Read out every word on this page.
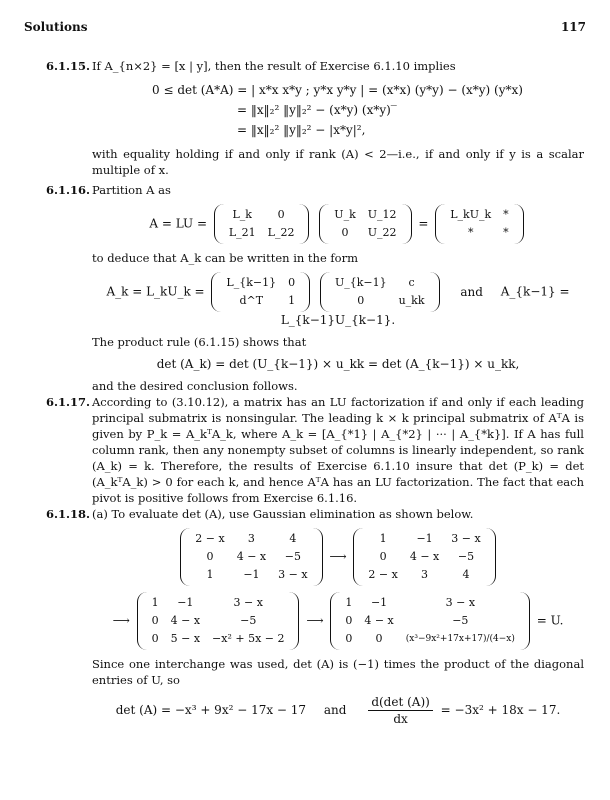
Solutions	117
6.1.15. If A_{n×2} = [x | y], then the result of Exercise 6.1.10 implies

0 ≤ det (A*A) = | x*x x*y ; y*x y*y | = (x*x) (y*y) − (x*y) (y*x)
= ‖x‖₂² ‖y‖₂² − (x*y) (x*y)‾
= ‖x‖₂² ‖y‖₂² − |x*y|²,

with equality holding if and only if rank (A) < 2—i.e., if and only if y is a scalar multiple of x.

6.1.16. Partition A as

A = LU =
L_k	0
L_21	L_22

U_k	U_12
0	U_22
=
L_kU_k	*
*	*

to deduce that A_k can be written in the form

A_k = L_kU_k =
L_{k−1}	0
d^T	1

U_{k−1}	c
0	u_kk
and A_{k−1} = L_{k−1}U_{k−1}.

The product rule (6.1.15) shows that

det (A_k) = det (U_{k−1}) × u_kk = det (A_{k−1}) × u_kk,

and the desired conclusion follows.

6.1.17. According to (3.10.12), a matrix has an LU factorization if and only if each leading principal submatrix is nonsingular. The leading k × k principal submatrix of AᵀA is given by P_k = A_kᵀA_k, where A_k = [A_{*1} | A_{*2} | ··· | A_{*k}]. If A has full column rank, then any nonempty subset of columns is linearly independent, so rank (A_k) = k. Therefore, the results of Exercise 6.1.10 insure that det (P_k) = det (A_kᵀA_k) > 0 for each k, and hence AᵀA has an LU factorization. The fact that each pivot is positive follows from Exercise 6.1.16.

6.1.18. (a) To evaluate det (A), use Gaussian elimination as shown below.

2 − x	3	4
0	4 − x	−5
1	−1	3 − x
⟶
1	−1	3 − x
0	4 − x	−5
2 − x	3	4
⟶
1	−1	3 − x
0	4 − x	−5
0	5 − x	−x² + 5x − 2
⟶
1	−1	3 − x
0	4 − x	−5
0	0	(x³−9x²+17x+17)/(4−x)
= U.

Since one interchange was used, det (A) is (−1) times the product of the diagonal entries of U, so

det (A) = −x³ + 9x² − 17x − 17 and $\frac{d(\det (A))}{dx} = -3x^2 + 18x - 17$.
